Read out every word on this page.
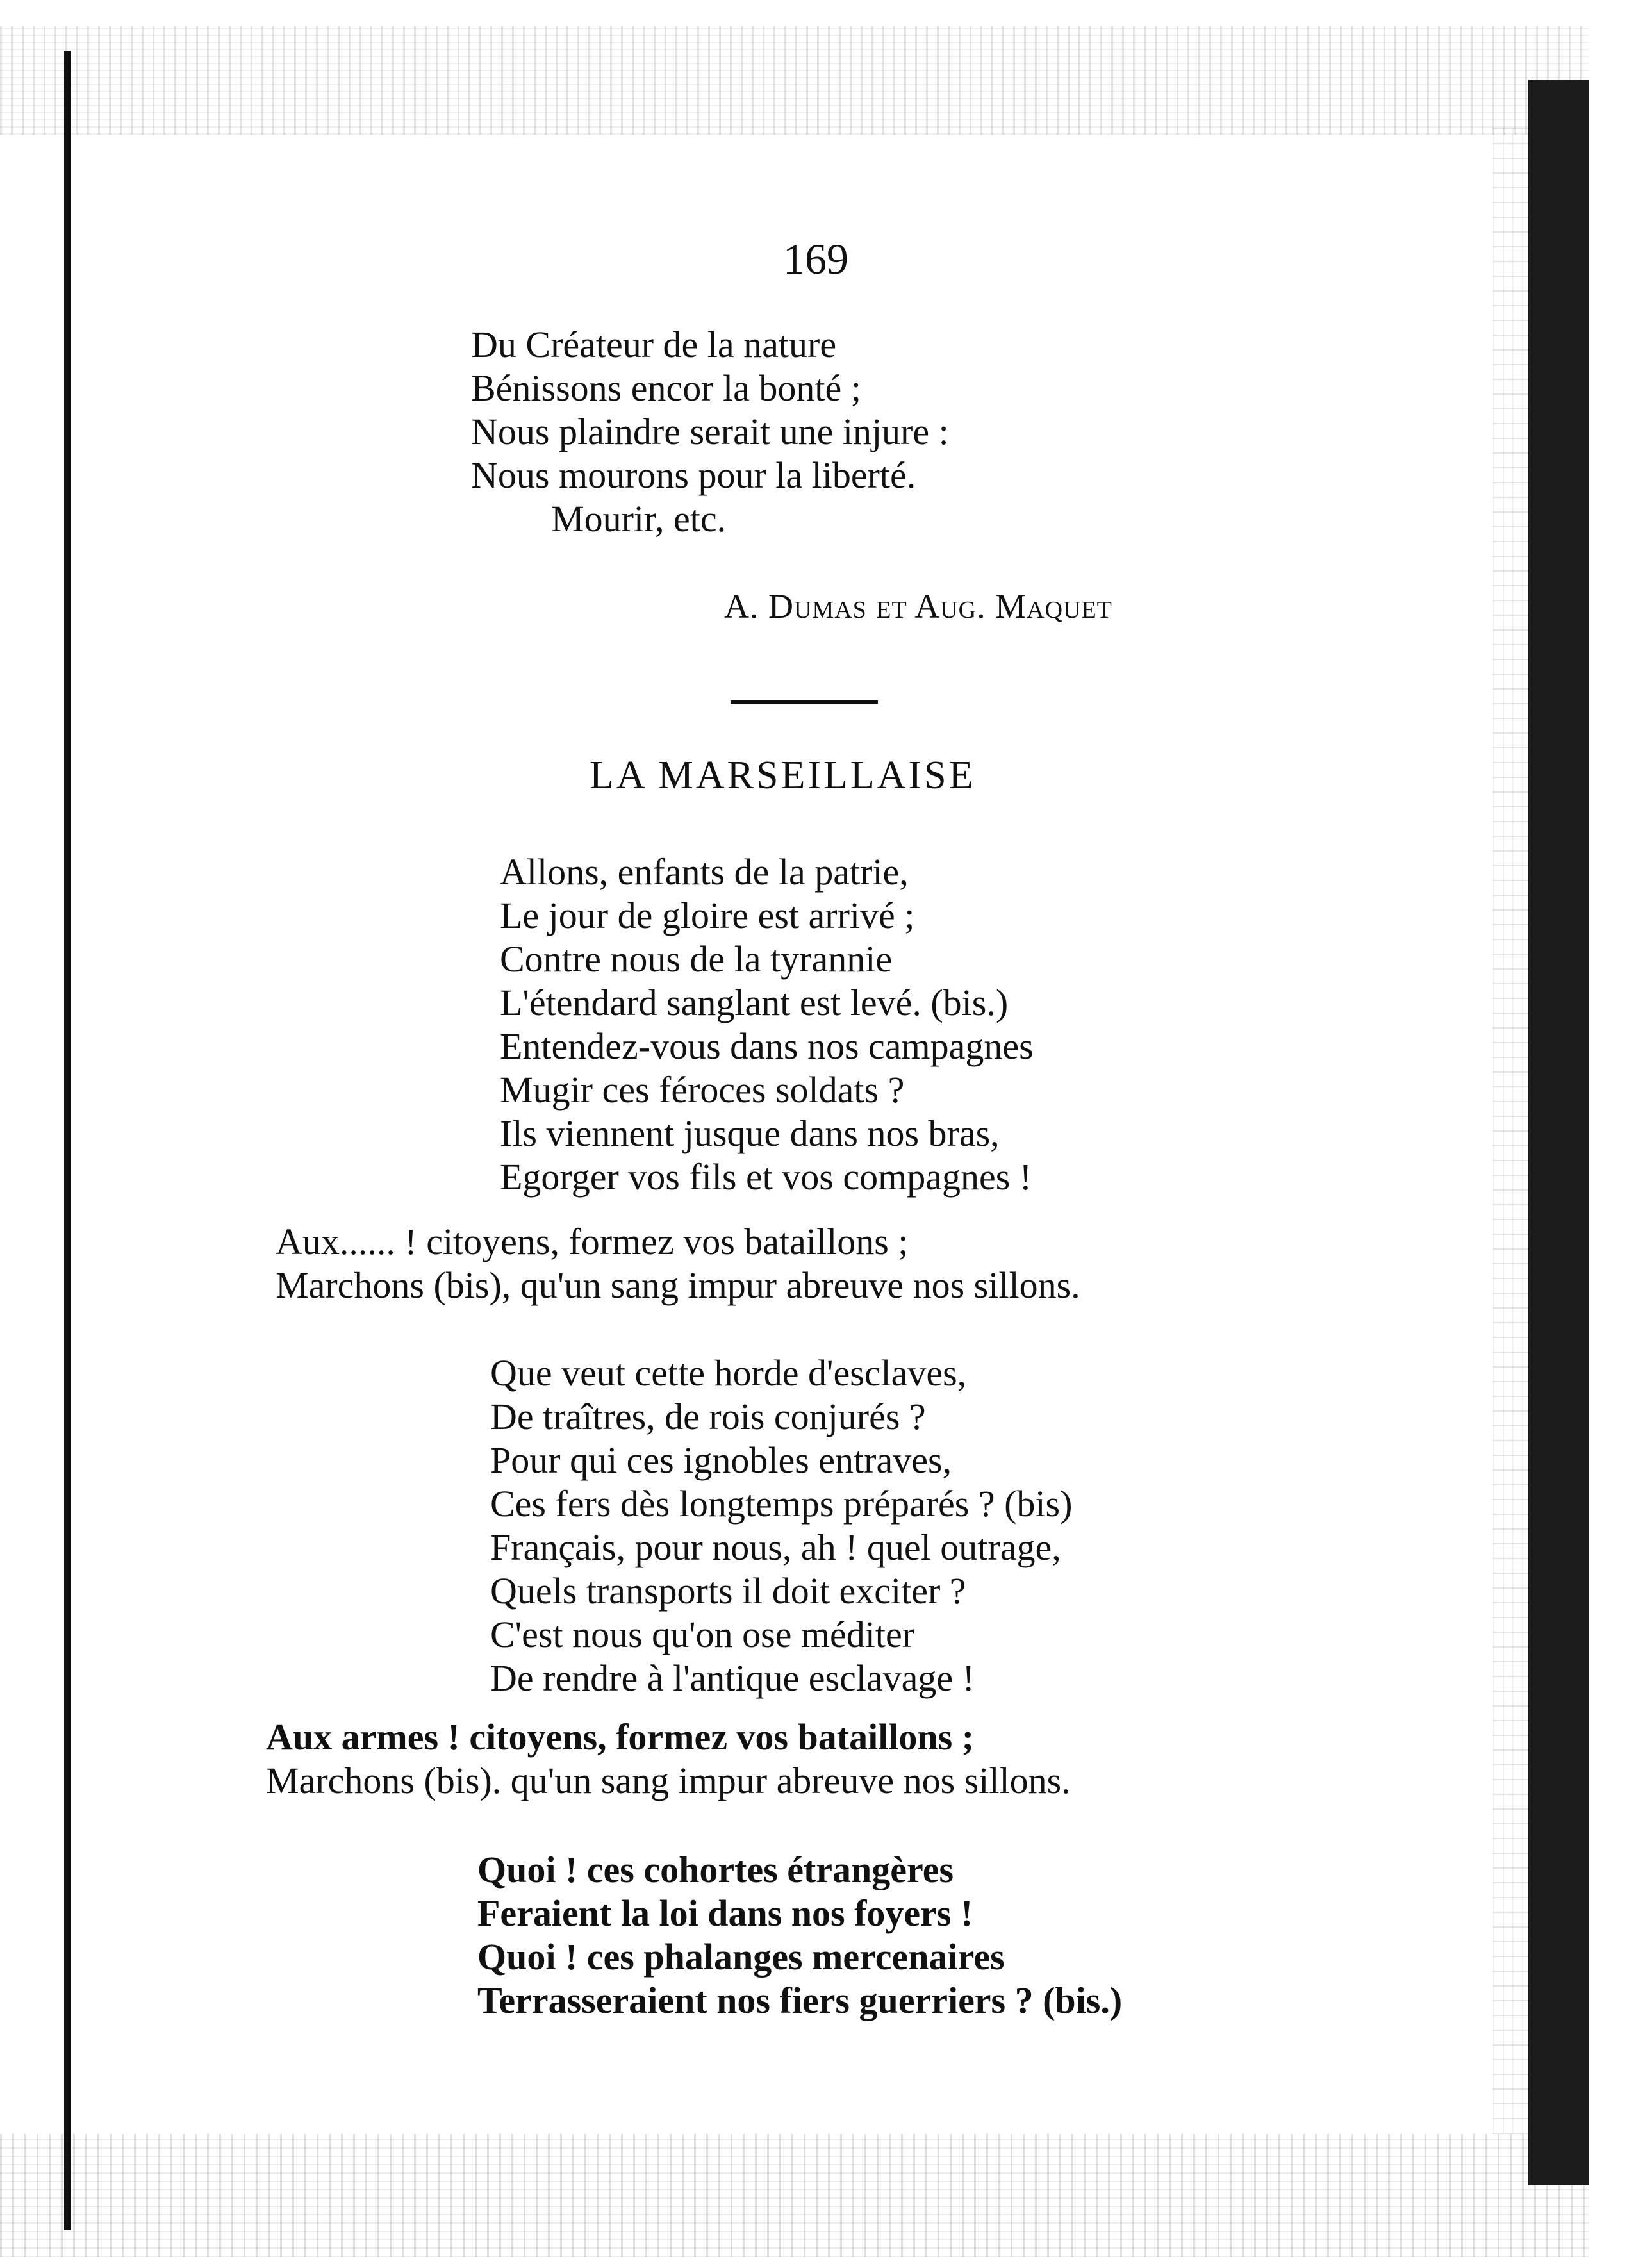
169
Du Créateur de la nature
Bénissons encor la bonté ;
Nous plaindre serait une injure :
Nous mourons pour la liberté.
Mourir, etc.
A. Dumas et Aug. Maquet
LA MARSEILLAISE
Allons, enfants de la patrie,
Le jour de gloire est arrivé ;
Contre nous de la tyrannie
L'étendard sanglant est levé. (bis.)
Entendez-vous dans nos campagnes
Mugir ces féroces soldats ?
Ils viennent jusque dans nos bras,
Egorger vos fils et vos compagnes !
Aux...... ! citoyens, formez vos bataillons ;
Marchons (bis), qu'un sang impur abreuve nos sillons.
Que veut cette horde d'esclaves,
De traîtres, de rois conjurés ?
Pour qui ces ignobles entraves,
Ces fers dès longtemps préparés ? (bis)
Français, pour nous, ah ! quel outrage,
Quels transports il doit exciter ?
C'est nous qu'on ose méditer
De rendre à l'antique esclavage !
Aux armes ! citoyens, formez vos bataillons ;
Marchons (bis). qu'un sang impur abreuve nos sillons.
Quoi ! ces cohortes étrangères
Feraient la loi dans nos foyers !
Quoi ! ces phalanges mercenaires
Terrasseraient nos fiers guerriers ? (bis.)
